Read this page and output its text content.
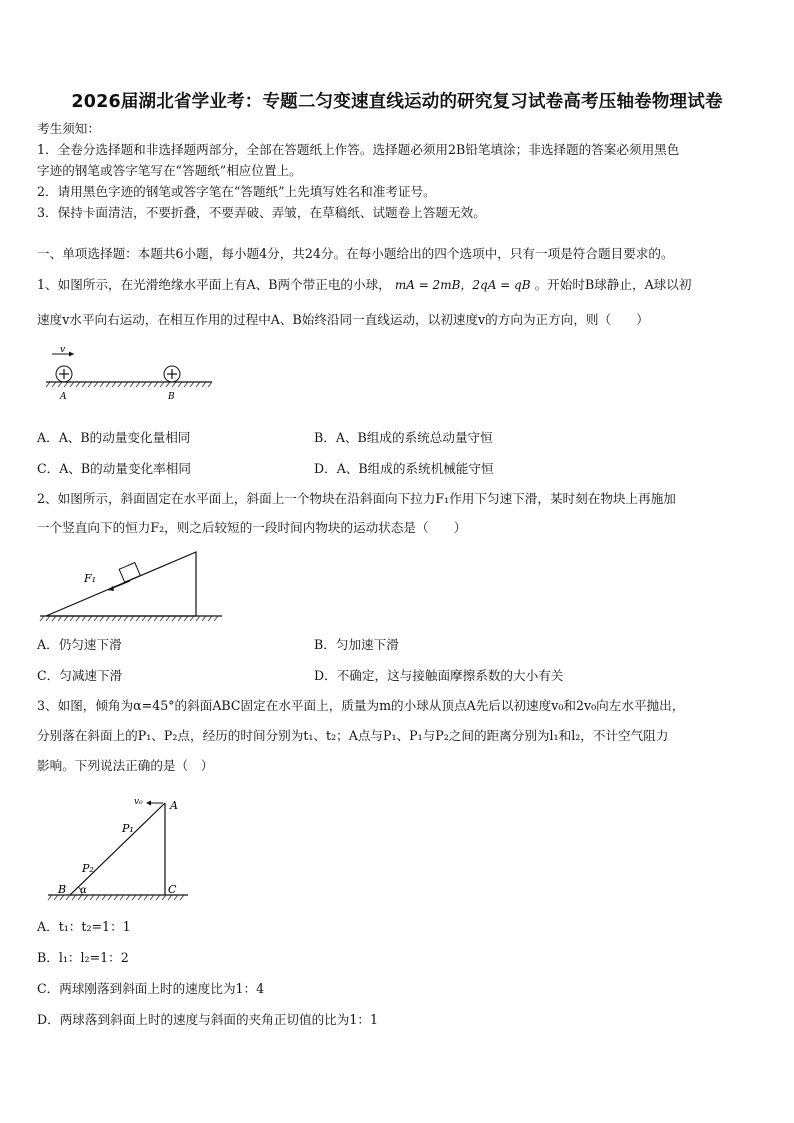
2026届湖北省学业考：专题二匀变速直线运动的研究复习试卷高考压轴卷物理试卷
考生须知：
1．全卷分选择题和非选择题两部分，全部在答题纸上作答。选择题必须用2B铅笔填涂；非选择题的答案必须用黑色
字迹的钢笔或答字笔写在“答题纸”相应位置上。
2．请用黑色字迹的钢笔或答字笔在“答题纸”上先填写姓名和准考证号。
3．保持卡面清洁，不要折叠，不要弄破、弄皱，在草稿纸、试题卷上答题无效。
一、单项选择题：本题共6小题，每小题4分，共24分。在每小题给出的四个选项中，只有一项是符合题目要求的。
1、如图所示，在光滑绝缘水平面上有A、B两个带正电的小球， mA = 2mB，2qA = qB 。开始时B球静止，A球以初
速度v水平向右运动，在相互作用的过程中A、B始终沿同一直线运动，以初速度v的方向为正方向，则（　　）
v
A	B
A．A、B的动量变化量相同	B．A、B组成的系统总动量守恒
C．A、B的动量变化率相同	D．A、B组成的系统机械能守恒
2、如图所示，斜面固定在水平面上，斜面上一个物块在沿斜面向下拉力F₁作用下匀速下滑，某时刻在物块上再施加
一个竖直向下的恒力F₂，则之后较短的一段时间内物块的运动状态是（　　）
F₁
A．仍匀速下滑	B．匀加速下滑
C．匀减速下滑	D．不确定，这与接触面摩擦系数的大小有关
3、如图，倾角为α=45°的斜面ABC固定在水平面上，质量为m的小球从顶点A先后以初速度v₀和2v₀向左水平抛出，
分别落在斜面上的P₁、P₂点，经历的时间分别为t₁、t₂；A点与P₁、P₁与P₂之间的距离分别为l₁和l₂，不计空气阻力
影响。下列说法正确的是（　）
v₀ A
P₁
P₂
B α	C
A．t₁：t₂=1：1
B．l₁：l₂=1：2
C．两球刚落到斜面上时的速度比为1：4
D．两球落到斜面上时的速度与斜面的夹角正切值的比为1：1
